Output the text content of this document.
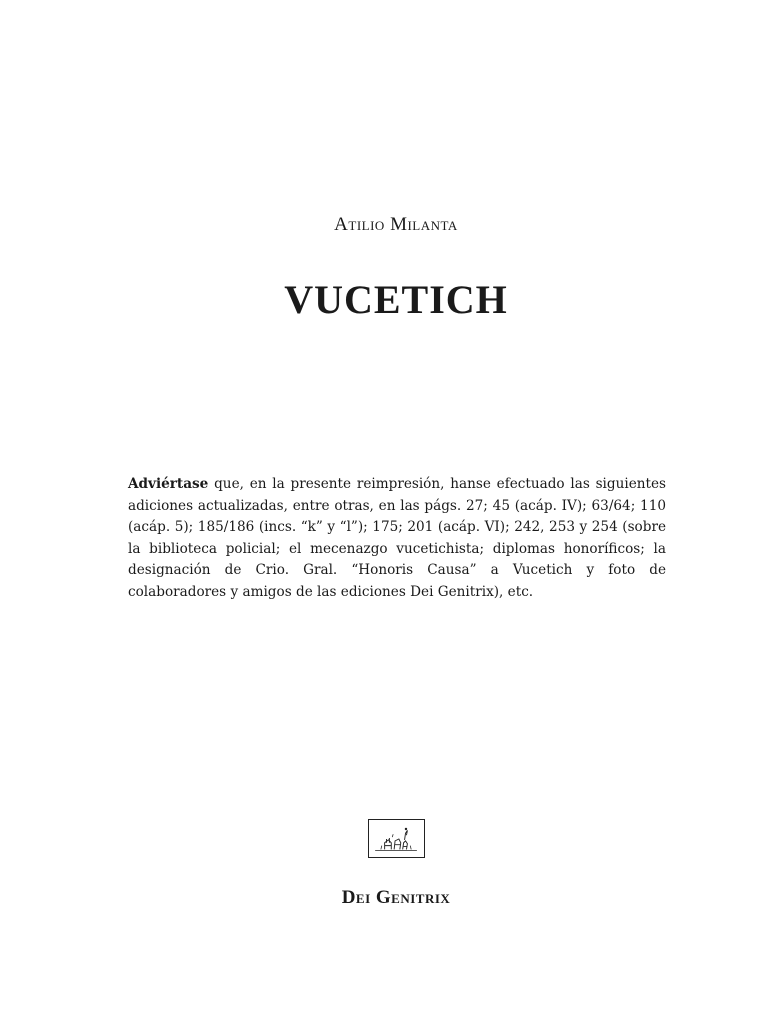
Atilio Milanta
VUCETICH

Adviértase que, en la presente reimpresión, hanse efectuado las siguientes adiciones actualizadas, entre otras, en las págs. 27; 45 (acáp. IV); 63/64; 110 (acáp. 5); 185/186 (incs. “k” y “l”); 175; 201 (acáp. VI); 242, 253 y 254 (sobre la biblioteca policial; el mecenazgo vucetichista; diplomas honoríficos; la designación de Crio. Gral. “Honoris Causa” a Vucetich y foto de colaboradores y amigos de las ediciones Dei Genitrix), etc.

Dei Genitrix
